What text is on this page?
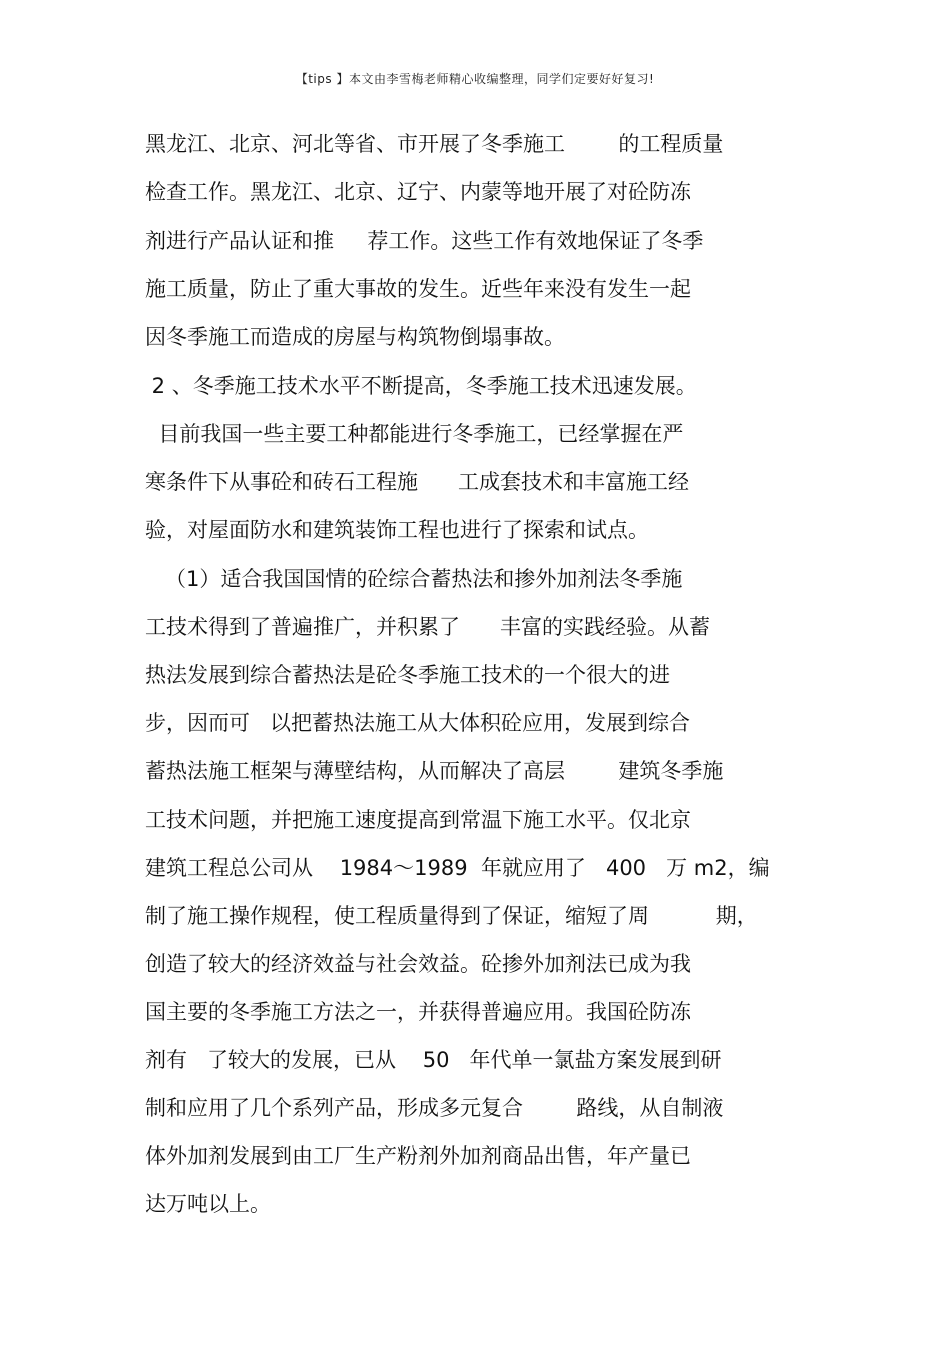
【tips 】本文由李雪梅老师精心收编整理，同学们定要好好复习!
黑龙江、北京、河北等省、市开展了冬季施工        的工程质量
检查工作。黑龙江、北京、辽宁、内蒙等地开展了对砼防冻
剂进行产品认证和推     荐工作。这些工作有效地保证了冬季
施工质量，防止了重大事故的发生。近些年来没有发生一起
因冬季施工而造成的房屋与构筑物倒塌事故。
2 、冬季施工技术水平不断提高，冬季施工技术迅速发展。
目前我国一些主要工种都能进行冬季施工，已经掌握在严
寒条件下从事砼和砖石工程施      工成套技术和丰富施工经
验，对屋面防水和建筑装饰工程也进行了探索和试点。
（1）适合我国国情的砼综合蓄热法和掺外加剂法冬季施
工技术得到了普遍推广，并积累了      丰富的实践经验。从蓄
热法发展到综合蓄热法是砼冬季施工技术的一个很大的进
步，因而可   以把蓄热法施工从大体积砼应用，发展到综合
蓄热法施工框架与薄壁结构，从而解决了高层        建筑冬季施
工技术问题，并把施工速度提高到常温下施工水平。仅北京
建筑工程总公司从    1984～1989  年就应用了   400   万 m2，编
制了施工操作规程，使工程质量得到了保证，缩短了周          期，
创造了较大的经济效益与社会效益。砼掺外加剂法已成为我
国主要的冬季施工方法之一，并获得普遍应用。我国砼防冻
剂有   了较大的发展，已从    50   年代单一氯盐方案发展到研
制和应用了几个系列产品，形成多元复合        路线，从自制液
体外加剂发展到由工厂生产粉剂外加剂商品出售，年产量已
达万吨以上。
